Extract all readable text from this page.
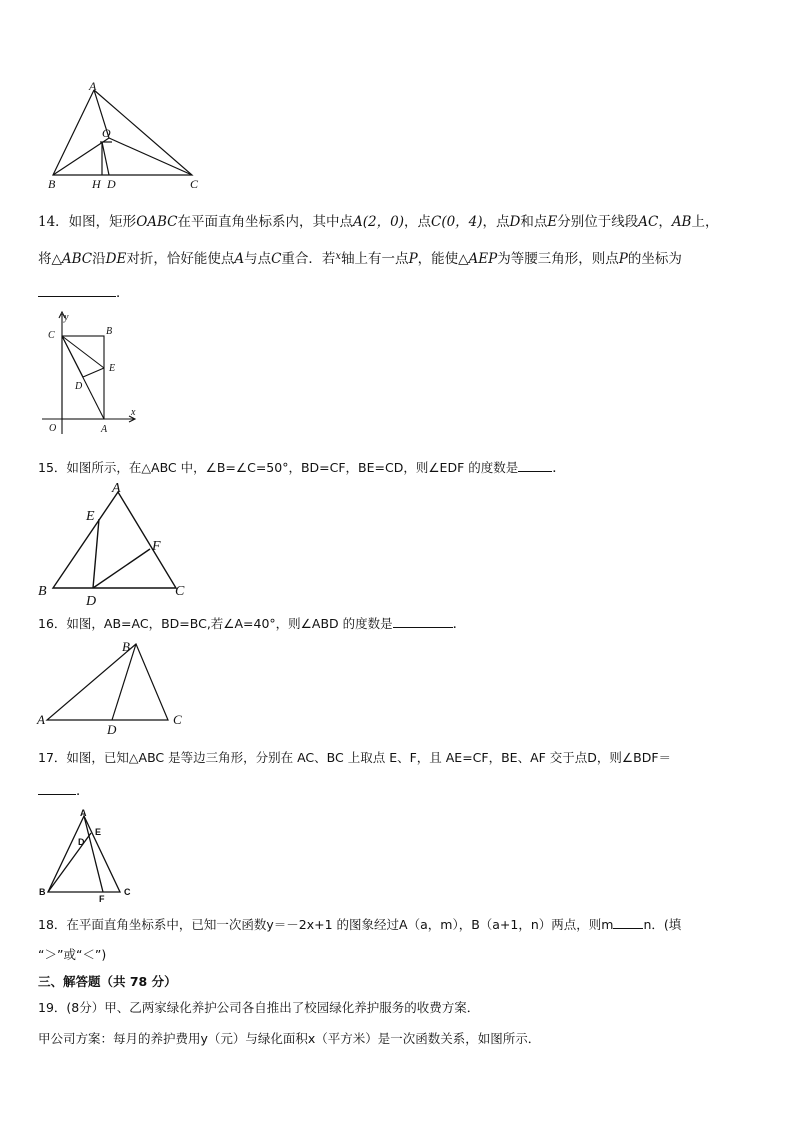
A
O
B	H D	C
14．如图，矩形OABC在平面直角坐标系内，其中点A(2，0)，点C(0，4)，点D和点E分别位于线段AC，AB上，
将△ABC沿DE对折，恰好能使点A与点C重合．若$^x$轴上有一点P，能使△AEP为等腰三角形，则点P的坐标为
．
y
B
C
E
D
x
O	A
15．如图所示，在△ABC 中，∠B=∠C=50°，BD=CF，BE=CD，则∠EDF 的度数是	．
A
E
F
B
D
C
16．如图，AB=AC，BD=BC,若∠A=40°，则∠ABD 的度数是	．
B
A
D
C
17．如图，已知△ABC 是等边三角形，分别在 AC、BC 上取点 E、F，且 AE=CF，BE、AF 交于点D，则∠BDF＝
．
A
E
D
B
F
C
18．在平面直角坐标系中，已知一次函数y＝－2x+1 的图象经过A（a，m），B（a+1，n）两点，则m n．(填
“＞”或“＜”)
三、解答题（共 78 分）
19．(8分）甲、乙两家绿化养护公司各自推出了校园绿化养护服务的收费方案．
甲公司方案：每月的养护费用y（元）与绿化面积x（平方米）是一次函数关系，如图所示．
